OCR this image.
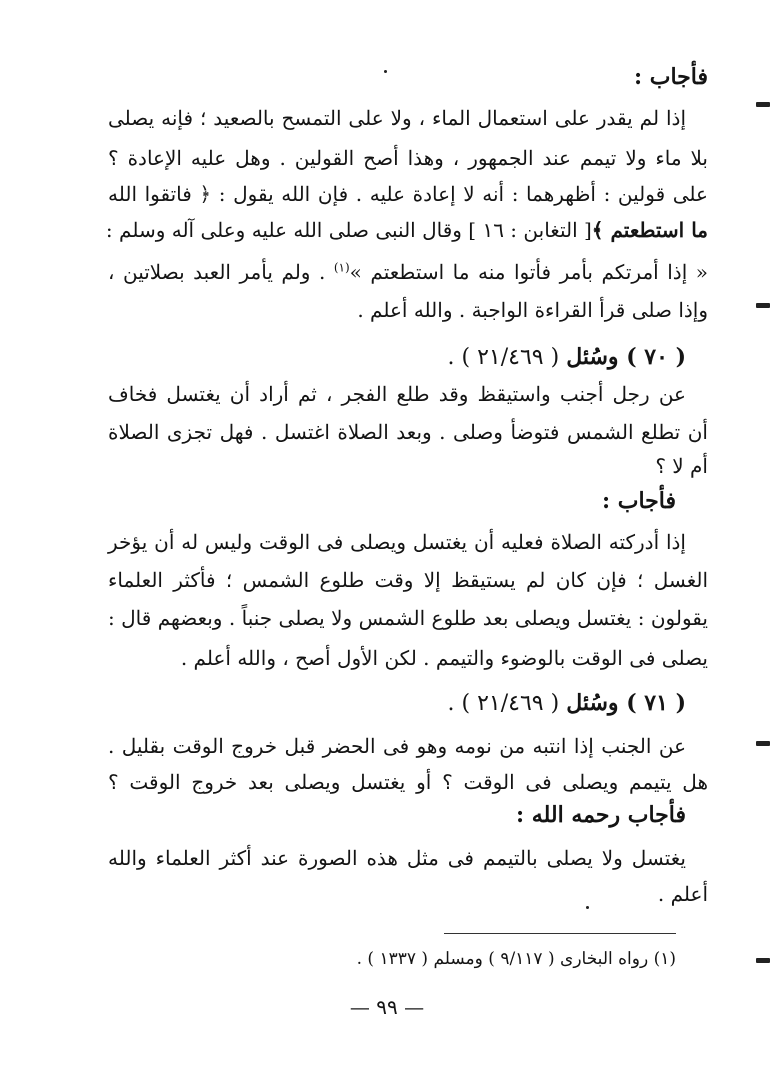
فأجاب :
إذا لم يقدر على استعمال الماء ، ولا على التمسح بالصعيد ؛ فإنه يصلى
بلا ماء ولا تيمم عند الجمهور ، وهذا أصح القولين . وهل عليه الإعادة ؟
على قولين : أظهرهما : أنه لا إعادة عليه . فإن الله يقول : ﴿ فاتقوا الله
ما استطعتم ﴾[ التغابن : ١٦ ] وقال النبى صلى الله عليه وعلى آله وسلم :
« إذا أمرتكم بأمر فأتوا منه ما استطعتم »$^{(١)}$ . ولم يأمر العبد بصلاتين ،
وإذا صلى قرأ القراءة الواجبة . والله أعلم .
( ٧٠ ) وسُئل ( ٢١/٤٦٩ ) .
عن رجل أجنب واستيقظ وقد طلع الفجر ، ثم أراد أن يغتسل فخاف
أن تطلع الشمس فتوضأ وصلى . وبعد الصلاة اغتسل . فهل تجزى الصلاة
أم لا ؟
فأجاب :
إذا أدركته الصلاة فعليه أن يغتسل ويصلى فى الوقت وليس له أن يؤخر
الغسل ؛ فإن كان لم يستيقظ إلا وقت طلوع الشمس ؛ فأكثر العلماء
يقولون : يغتسل ويصلى بعد طلوع الشمس ولا يصلى جنباً . وبعضهم قال :
يصلى فى الوقت بالوضوء والتيمم . لكن الأول أصح ، والله أعلم .
( ٧١ ) وسُئل ( ٢١/٤٦٩ ) .
عن الجنب إذا انتبه من نومه وهو فى الحضر قبل خروج الوقت بقليل .
هل يتيمم ويصلى فى الوقت ؟ أو يغتسل ويصلى بعد خروج الوقت ؟
فأجاب رحمه الله :
يغتسل ولا يصلى بالتيمم فى مثل هذه الصورة عند أكثر العلماء والله
أعلم .
(١) رواه البخارى ( ٩/١١٧ ) ومسلم ( ١٣٣٧ ) .
— ٩٩ —
